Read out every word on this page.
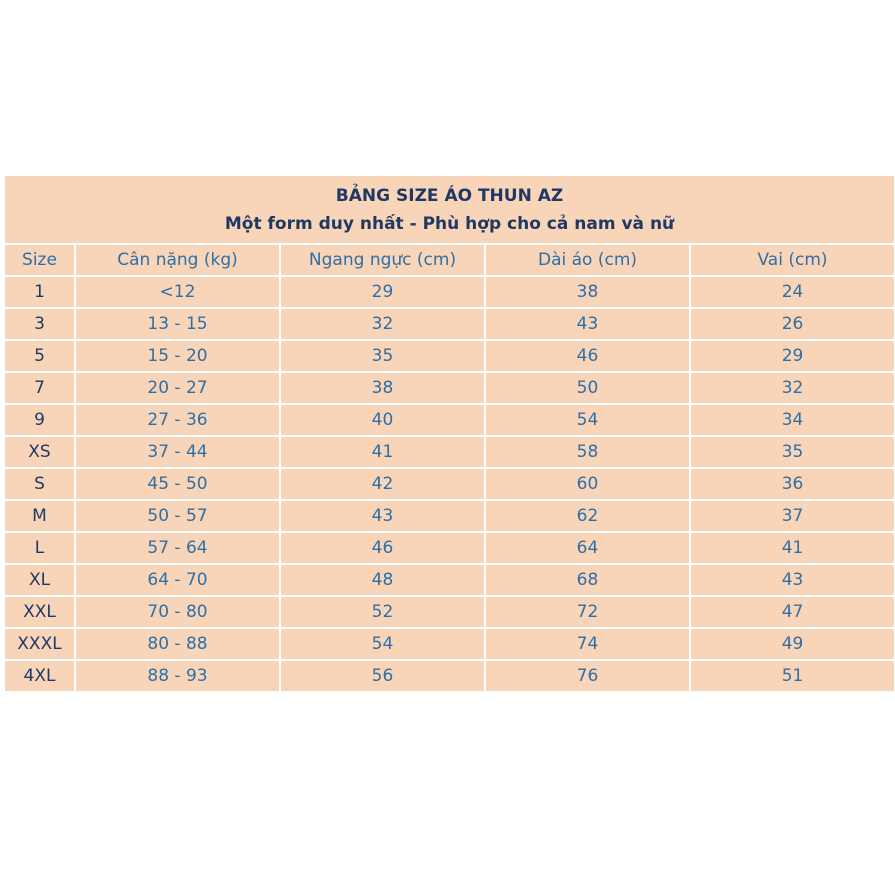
BẢNG SIZE ÁO THUN AZ
Một form duy nhất - Phù hợp cho cả nam và nữ				

Size	Cân nặng (kg)	Ngang ngực (cm)	Dài áo (cm)	Vai (cm)
1	<12	29	38	24
3	13 - 15	32	43	26
5	15 - 20	35	46	29
7	20 - 27	38	50	32
9	27 - 36	40	54	34
XS	37 - 44	41	58	35
S	45 - 50	42	60	36
M	50 - 57	43	62	37
L	57 - 64	46	64	41
XL	64 - 70	48	68	43
XXL	70 - 80	52	72	47
XXXL	80 - 88	54	74	49
4XL	88 - 93	56	76	51
